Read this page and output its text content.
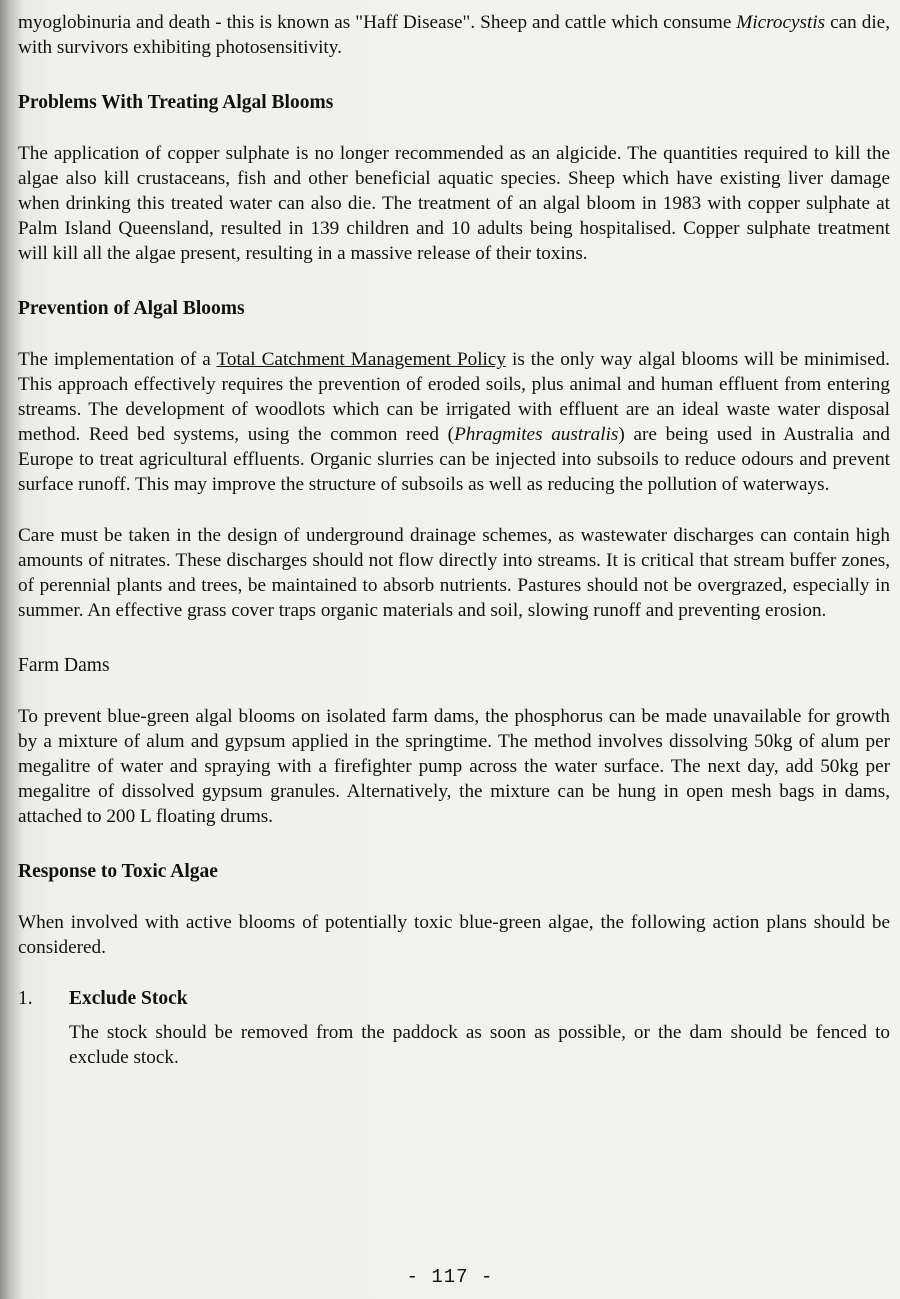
myoglobinuria and death - this is known as "Haff Disease". Sheep and cattle which consume Microcystis can die, with survivors exhibiting photosensitivity.

Problems With Treating Algal Blooms

The application of copper sulphate is no longer recommended as an algicide. The quantities required to kill the algae also kill crustaceans, fish and other beneficial aquatic species. Sheep which have existing liver damage when drinking this treated water can also die. The treatment of an algal bloom in 1983 with copper sulphate at Palm Island Queensland, resulted in 139 children and 10 adults being hospitalised. Copper sulphate treatment will kill all the algae present, resulting in a massive release of their toxins.

Prevention of Algal Blooms

The implementation of a Total Catchment Management Policy is the only way algal blooms will be minimised. This approach effectively requires the prevention of eroded soils, plus animal and human effluent from entering streams. The development of woodlots which can be irrigated with effluent are an ideal waste water disposal method. Reed bed systems, using the common reed (Phragmites australis) are being used in Australia and Europe to treat agricultural effluents. Organic slurries can be injected into subsoils to reduce odours and prevent surface runoff. This may improve the structure of subsoils as well as reducing the pollution of waterways.

Care must be taken in the design of underground drainage schemes, as wastewater discharges can contain high amounts of nitrates. These discharges should not flow directly into streams. It is critical that stream buffer zones, of perennial plants and trees, be maintained to absorb nutrients. Pastures should not be overgrazed, especially in summer. An effective grass cover traps organic materials and soil, slowing runoff and preventing erosion.

Farm Dams

To prevent blue-green algal blooms on isolated farm dams, the phosphorus can be made unavailable for growth by a mixture of alum and gypsum applied in the springtime. The method involves dissolving 50kg of alum per megalitre of water and spraying with a firefighter pump across the water surface. The next day, add 50kg per megalitre of dissolved gypsum granules. Alternatively, the mixture can be hung in open mesh bags in dams, attached to 200 L floating drums.

Response to Toxic Algae

When involved with active blooms of potentially toxic blue-green algae, the following action plans should be considered.

1.	Exclude Stock

The stock should be removed from the paddock as soon as possible, or the dam should be fenced to exclude stock.

- 117 -
